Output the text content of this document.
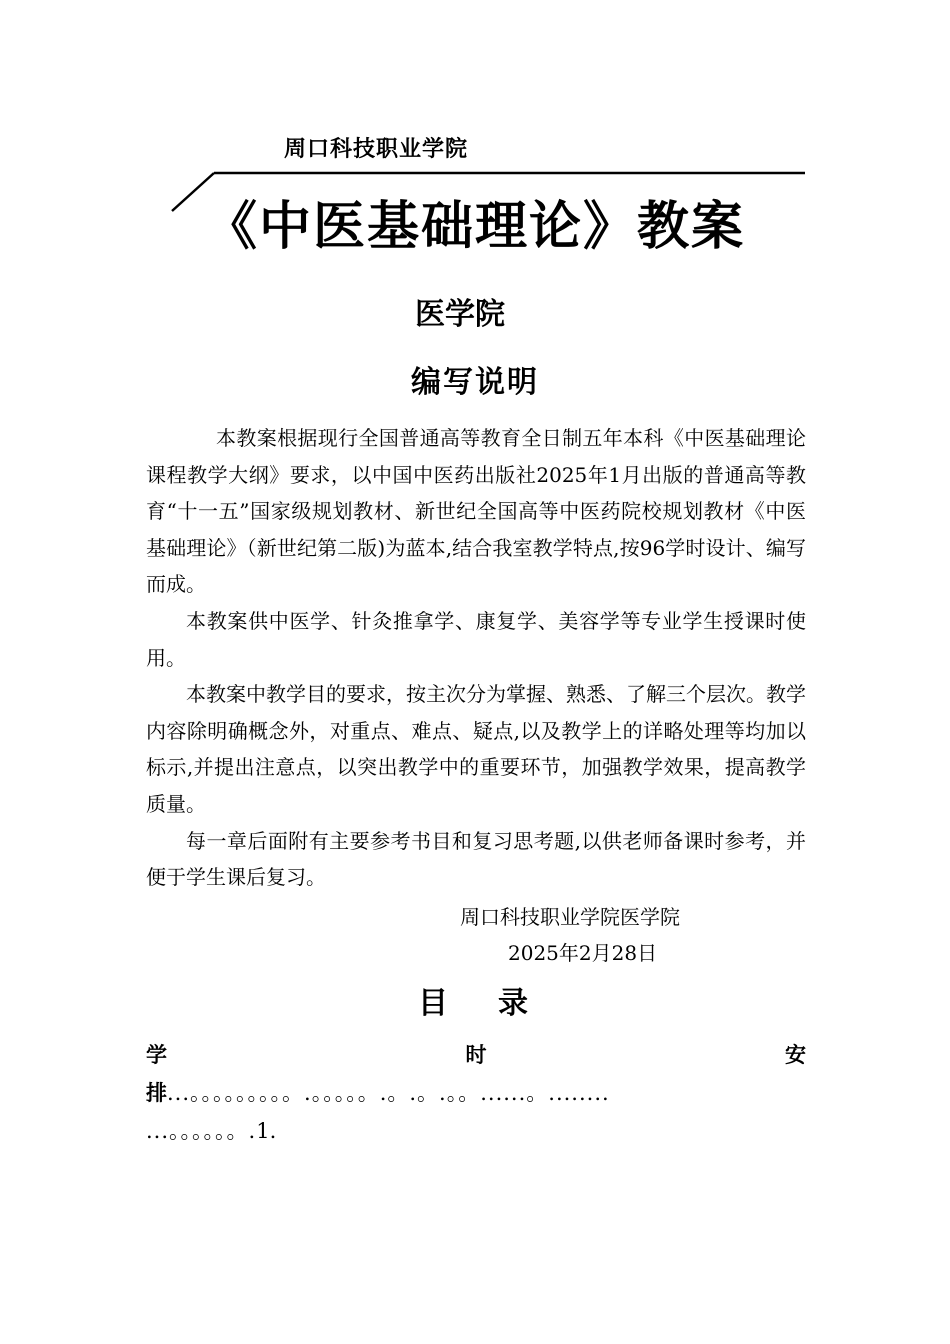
周口科技职业学院
《中医基础理论》教案
医学院
编写说明

本教案根据现行全国普通高等教育全日制五年本科《中医基础理论课程教学大纲》要求，以中国中医药出版社2025年1月出版的普通高等教育“十一五”国家级规划教材、新世纪全国高等中医药院校规划教材《中医基础理论》（新世纪第二版)为蓝本,结合我室教学特点,按96学时设计、编写而成。

本教案供中医学、针灸推拿学、康复学、美容学等专业学生授课时使用。

本教案中教学目的要求，按主次分为掌握、熟悉、了解三个层次。教学内容除明确概念外，对重点、难点、疑点,以及教学上的详略处理等均加以标示,并提出注意点，以突出教学中的重要环节，加强教学效果，提高教学质量。

每一章后面附有主要参考书目和复习思考题,以供老师备课时参考，并便于学生课后复习。

周口科技职业学院医学院
2025年2月28日
目录
学	时	安
排...。。。。。。。。。.。。。。。.。.。.。。......。........
...。。。。。。.1.
